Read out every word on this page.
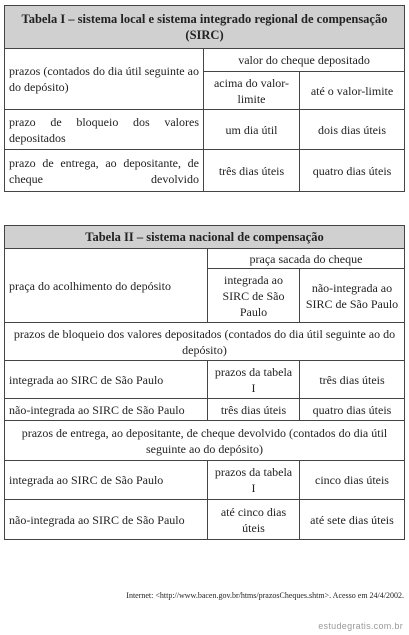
Tabela I – sistema local e sistema integrado regional de compensação (SIRC)		
prazos (contados do dia útil seguinte ao do depósito)	valor do cheque depositado	
	acima do valor-limite	até o valor-limite
prazo de bloqueio dos valores depositados	um dia útil	dois dias úteis
prazo de entrega, ao depositante, de cheque devolvido	três dias úteis	quatro dias úteis
Tabela II – sistema nacional de compensação		
praça do acolhimento do depósito	praça sacada do cheque	
	integrada ao SIRC de São Paulo	não-integrada ao SIRC de São Paulo
prazos de bloqueio dos valores depositados (contados do dia útil seguinte ao do depósito)		
integrada ao SIRC de São Paulo	prazos da tabela I	três dias úteis
não-integrada ao SIRC de São Paulo	três dias úteis	quatro dias úteis
prazos de entrega, ao depositante, de cheque devolvido (contados do dia útil seguinte ao do depósito)		
integrada ao SIRC de São Paulo	prazos da tabela I	cinco dias úteis
não-integrada ao SIRC de São Paulo	até cinco dias úteis	até sete dias úteis
Internet: <http://www.bacen.gov.br/htms/prazosCheques.shtm>. Acesso em 24/4/2002.
estudegratis.com.br
